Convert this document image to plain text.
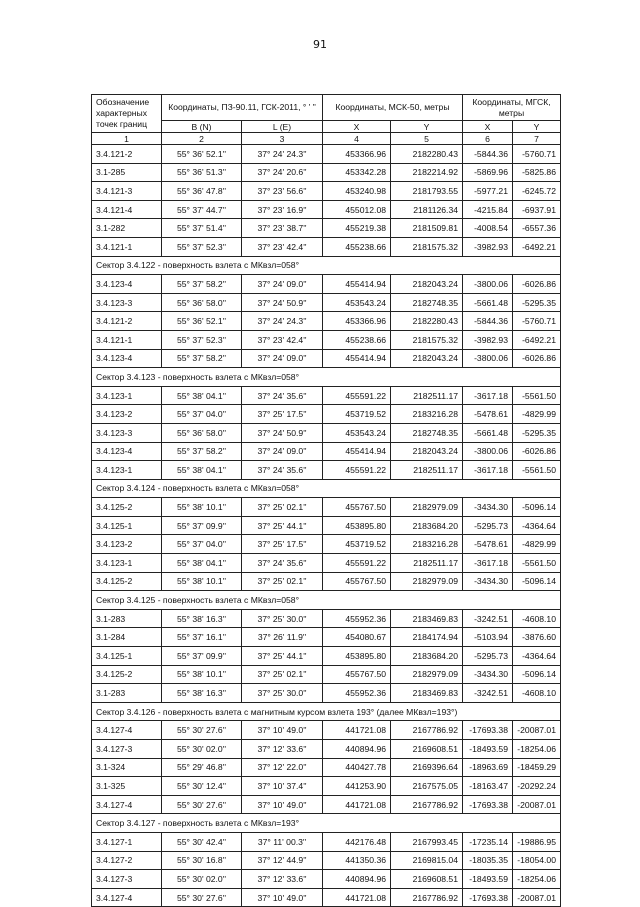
91
Обозначение характерных точек границ	Координаты, ПЗ-90.11, ГСК-2011, ° ' "		Координаты, МСК-50, метры		Координаты, МГСК, метры	
	B (N)	L (E)	X	Y	X	Y
1	2	3	4	5	6	7
3.4.121-2	55° 36' 52.1''	37° 24' 24.3''	453366.96	2182280.43	-5844.36	-5760.71
3.1-285	55° 36' 51.3''	37° 24' 20.6''	453342.28	2182214.92	-5869.96	-5825.86
3.4.121-3	55° 36' 47.8''	37° 23' 56.6''	453240.98	2181793.55	-5977.21	-6245.72
3.4.121-4	55° 37' 44.7''	37° 23' 16.9''	455012.08	2181126.34	-4215.84	-6937.91
3.1-282	55° 37' 51.4''	37° 23' 38.7''	455219.38	2181509.81	-4008.54	-6557.36
3.4.121-1	55° 37' 52.3''	37° 23' 42.4''	455238.66	2181575.32	-3982.93	-6492.21
Сектор 3.4.122 - поверхность взлета с МКвзл=058°						
3.4.123-4	55° 37' 58.2''	37° 24' 09.0''	455414.94	2182043.24	-3800.06	-6026.86
3.4.123-3	55° 36' 58.0''	37° 24' 50.9''	453543.24	2182748.35	-5661.48	-5295.35
3.4.121-2	55° 36' 52.1''	37° 24' 24.3''	453366.96	2182280.43	-5844.36	-5760.71
3.4.121-1	55° 37' 52.3''	37° 23' 42.4''	455238.66	2181575.32	-3982.93	-6492.21
3.4.123-4	55° 37' 58.2''	37° 24' 09.0''	455414.94	2182043.24	-3800.06	-6026.86
Сектор 3.4.123 - поверхность взлета с МКвзл=058°						
3.4.123-1	55° 38' 04.1''	37° 24' 35.6''	455591.22	2182511.17	-3617.18	-5561.50
3.4.123-2	55° 37' 04.0''	37° 25' 17.5''	453719.52	2183216.28	-5478.61	-4829.99
3.4.123-3	55° 36' 58.0''	37° 24' 50.9''	453543.24	2182748.35	-5661.48	-5295.35
3.4.123-4	55° 37' 58.2''	37° 24' 09.0''	455414.94	2182043.24	-3800.06	-6026.86
3.4.123-1	55° 38' 04.1''	37° 24' 35.6''	455591.22	2182511.17	-3617.18	-5561.50
Сектор 3.4.124 - поверхность взлета с МКвзл=058°						
3.4.125-2	55° 38' 10.1''	37° 25' 02.1''	455767.50	2182979.09	-3434.30	-5096.14
3.4.125-1	55° 37' 09.9''	37° 25' 44.1''	453895.80	2183684.20	-5295.73	-4364.64
3.4.123-2	55° 37' 04.0''	37° 25' 17.5''	453719.52	2183216.28	-5478.61	-4829.99
3.4.123-1	55° 38' 04.1''	37° 24' 35.6''	455591.22	2182511.17	-3617.18	-5561.50
3.4.125-2	55° 38' 10.1''	37° 25' 02.1''	455767.50	2182979.09	-3434.30	-5096.14
Сектор 3.4.125 - поверхность взлета с МКвзл=058°						
3.1-283	55° 38' 16.3''	37° 25' 30.0''	455952.36	2183469.83	-3242.51	-4608.10
3.1-284	55° 37' 16.1''	37° 26' 11.9''	454080.67	2184174.94	-5103.94	-3876.60
3.4.125-1	55° 37' 09.9''	37° 25' 44.1''	453895.80	2183684.20	-5295.73	-4364.64
3.4.125-2	55° 38' 10.1''	37° 25' 02.1''	455767.50	2182979.09	-3434.30	-5096.14
3.1-283	55° 38' 16.3''	37° 25' 30.0''	455952.36	2183469.83	-3242.51	-4608.10
Сектор 3.4.126 - поверхность взлета с магнитным курсом взлета 193° (далее МКвзл=193°)						
3.4.127-4	55° 30' 27.6''	37° 10' 49.0''	441721.08	2167786.92	-17693.38	-20087.01
3.4.127-3	55° 30' 02.0''	37° 12' 33.6''	440894.96	2169608.51	-18493.59	-18254.06
3.1-324	55° 29' 46.8''	37° 12' 22.0''	440427.78	2169396.64	-18963.69	-18459.29
3.1-325	55° 30' 12.4''	37° 10' 37.4''	441253.90	2167575.05	-18163.47	-20292.24
3.4.127-4	55° 30' 27.6''	37° 10' 49.0''	441721.08	2167786.92	-17693.38	-20087.01
Сектор 3.4.127 - поверхность взлета с МКвзл=193°						
3.4.127-1	55° 30' 42.4''	37° 11' 00.3''	442176.48	2167993.45	-17235.14	-19886.95
3.4.127-2	55° 30' 16.8''	37° 12' 44.9''	441350.36	2169815.04	-18035.35	-18054.00
3.4.127-3	55° 30' 02.0''	37° 12' 33.6''	440894.96	2169608.51	-18493.59	-18254.06
3.4.127-4	55° 30' 27.6''	37° 10' 49.0''	441721.08	2167786.92	-17693.38	-20087.01
